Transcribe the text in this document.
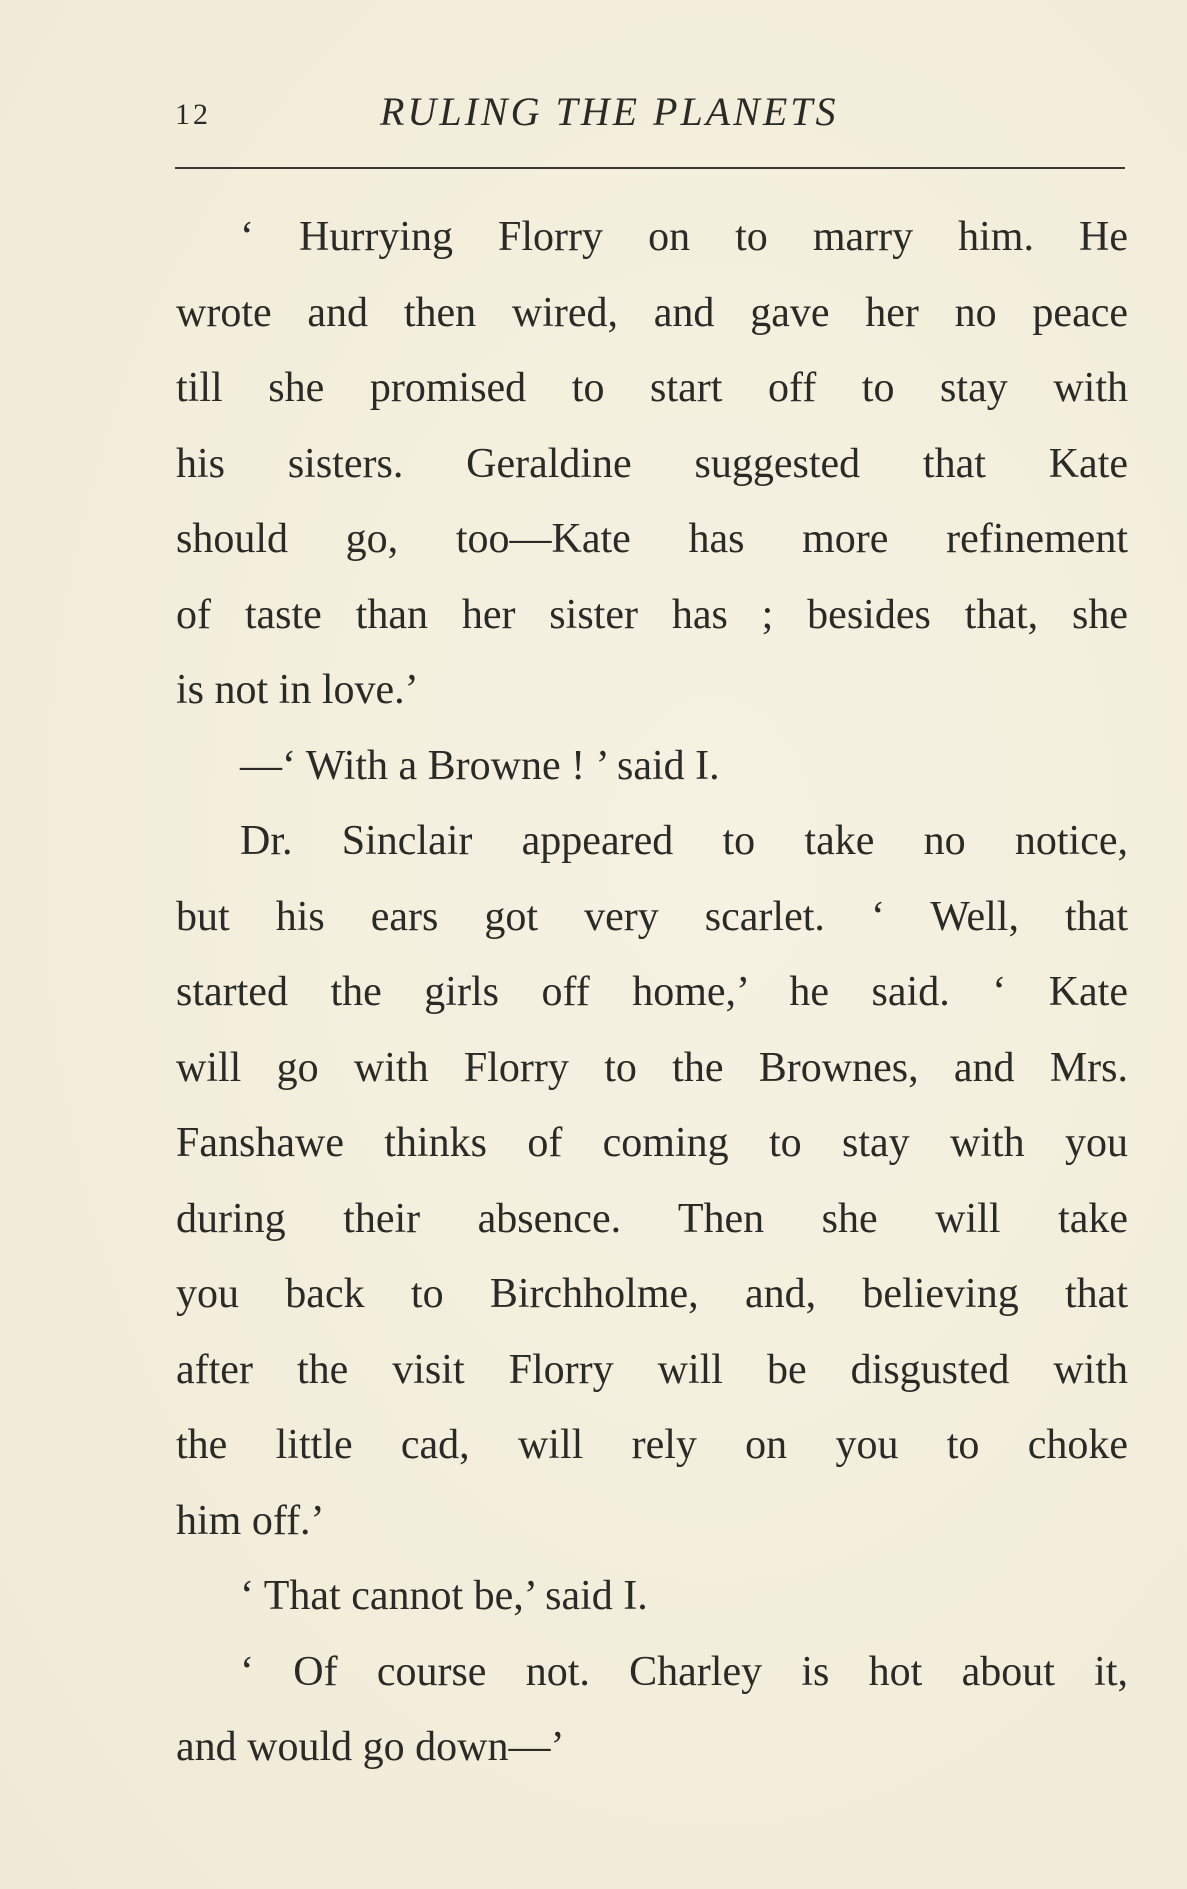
12	RULING THE PLANETS
‘ Hurrying Florry on to marry him. He
wrote and then wired, and gave her no peace
till she promised to start off to stay with
his sisters. Geraldine suggested that Kate
should go, too—Kate has more refinement
of taste than her sister has ; besides that, she
is not in love.’
—‘ With a Browne ! ’ said I.
Dr. Sinclair appeared to take no notice,
but his ears got very scarlet. ‘ Well, that
started the girls off home,’ he said. ‘ Kate
will go with Florry to the Brownes, and Mrs.
Fanshawe thinks of coming to stay with you
during their absence. Then she will take
you back to Birchholme, and, believing that
after the visit Florry will be disgusted with
the little cad, will rely on you to choke
him off.’
‘ That cannot be,’ said I.
‘ Of course not. Charley is hot about it,
and would go down—’
